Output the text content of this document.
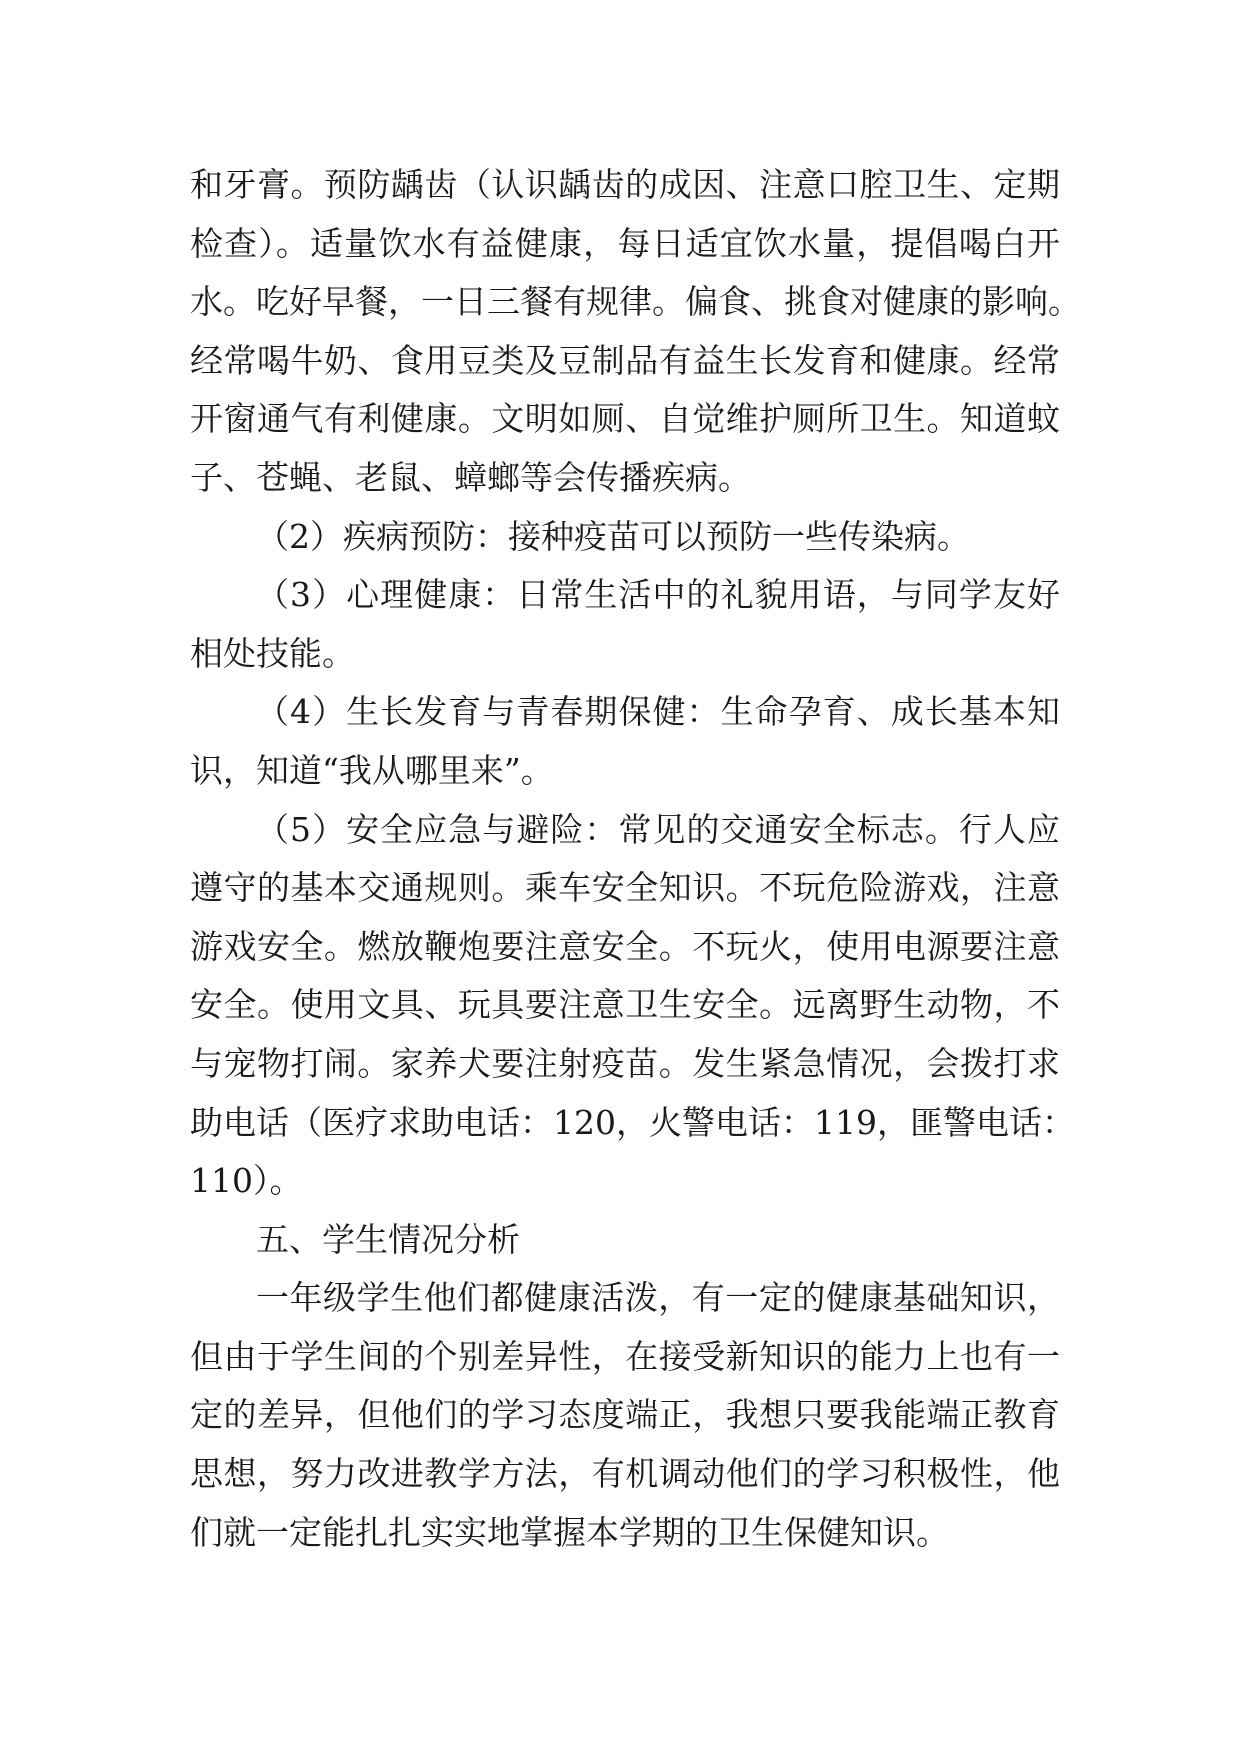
和牙膏。预防龋齿（认识龋齿的成因、注意口腔卫生、定期
检查）。适量饮水有益健康，每日适宜饮水量，提倡喝白开
水。吃好早餐，一日三餐有规律。偏食、挑食对健康的影响。
经常喝牛奶、食用豆类及豆制品有益生长发育和健康。经常
开窗通气有利健康。文明如厕、自觉维护厕所卫生。知道蚊
子、苍蝇、老鼠、蟑螂等会传播疾病。
（2）疾病预防：接种疫苗可以预防一些传染病。
（3）心理健康：日常生活中的礼貌用语，与同学友好
相处技能。
（4）生长发育与青春期保健：生命孕育、成长基本知
识，知道“我从哪里来”。
（5）安全应急与避险：常见的交通安全标志。行人应
遵守的基本交通规则。乘车安全知识。不玩危险游戏，注意
游戏安全。燃放鞭炮要注意安全。不玩火，使用电源要注意
安全。使用文具、玩具要注意卫生安全。远离野生动物，不
与宠物打闹。家养犬要注射疫苗。发生紧急情况，会拨打求
助电话（医疗求助电话：120，火警电话：119，匪警电话：
110）。
五、学生情况分析
一年级学生他们都健康活泼，有一定的健康基础知识，
但由于学生间的个别差异性，在接受新知识的能力上也有一
定的差异，但他们的学习态度端正，我想只要我能端正教育
思想，努力改进教学方法，有机调动他们的学习积极性，他
们就一定能扎扎实实地掌握本学期的卫生保健知识。
